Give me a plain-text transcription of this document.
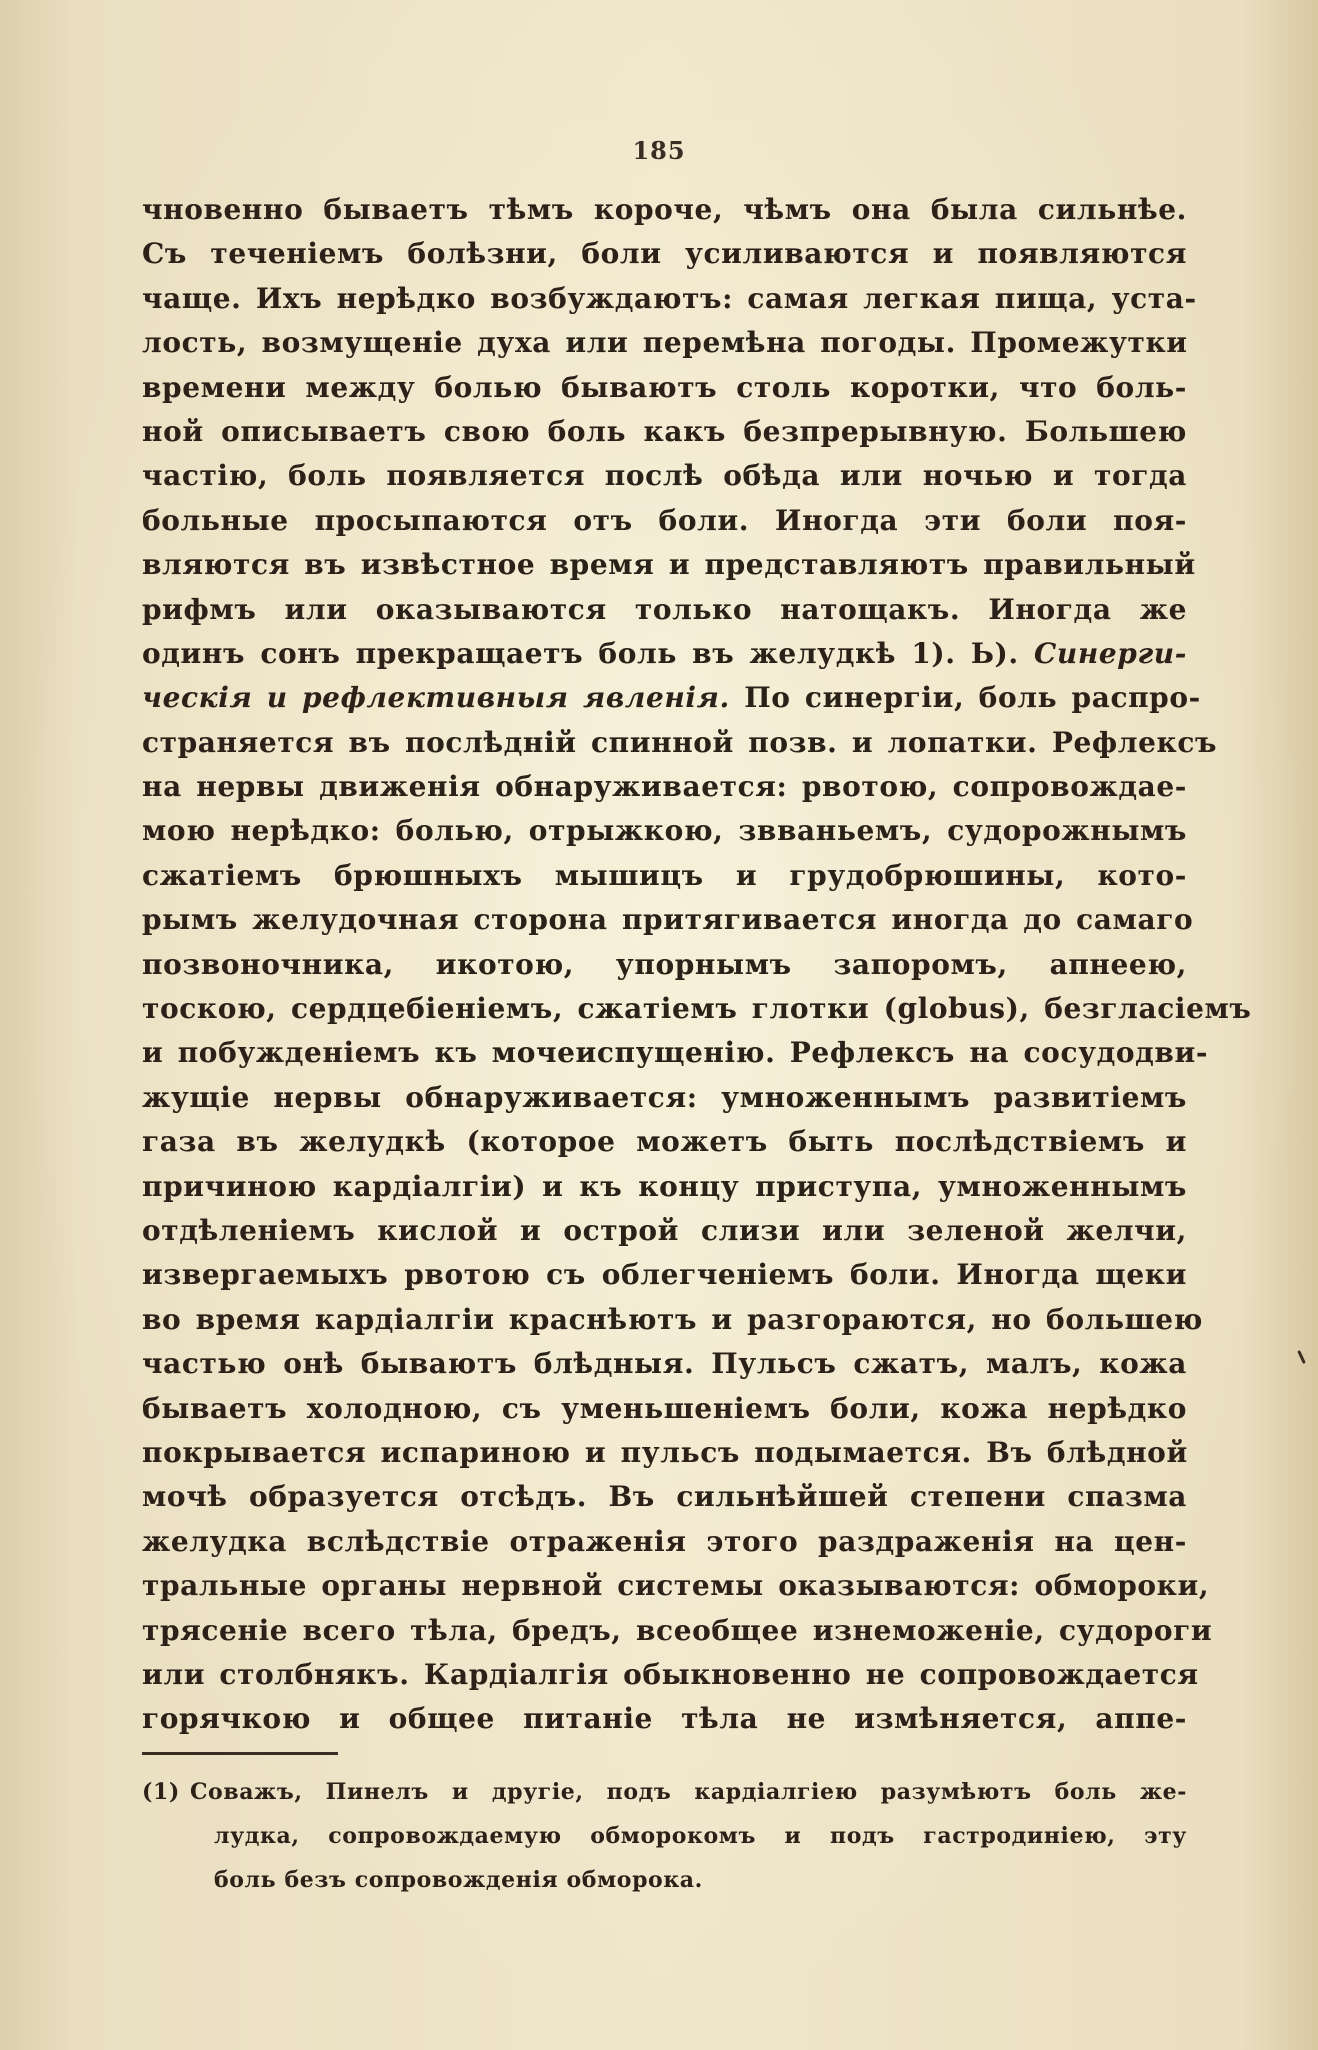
185
чновенно бываетъ тѣмъ короче, чѣмъ она была сильнѣе.
Съ теченіемъ болѣзни, боли усиливаются и появляются
чаще. Ихъ нерѣдко возбуждаютъ: самая легкая пища, уста-
лость, возмущеніе духа или перемѣна погоды. Промежутки
времени между болью бываютъ столь коротки, что боль-
ной описываетъ свою боль какъ безпрерывную. Большею
частію, боль появляется послѣ обѣда или ночью и тогда
больные просыпаются отъ боли. Иногда эти боли поя-
вляются въ извѣстное время и представляютъ правильный
рифмъ или оказываются только натощакъ. Иногда же
одинъ сонъ прекращаетъ боль въ желудкѣ 1). Ь). Синерги-
ческія и рефлективныя явленія. По синергіи, боль распро-
страняется въ послѣдній спинной позв. и лопатки. Рефлексъ
на нервы движенія обнаруживается: рвотою, сопровождае-
мою нерѣдко: болью, отрыжкою, звваньемъ, судорожнымъ
сжатіемъ брюшныхъ мышицъ и грудобрюшины, кото-
рымъ желудочная сторона притягивается иногда до самаго
позвоночника, икотою, упорнымъ запоромъ, апнеею,
тоскою, сердцебіеніемъ, сжатіемъ глотки (globus), безгласіемъ
и побужденіемъ къ мочеиспущенію. Рефлексъ на сосудодви-
жущіе нервы обнаруживается: умноженнымъ развитіемъ
газа въ желудкѣ (которое можетъ быть послѣдствіемъ и
причиною кардіалгіи) и къ концу приступа, умноженнымъ
отдѣленіемъ кислой и острой слизи или зеленой желчи,
извергаемыхъ рвотою съ облегченіемъ боли. Иногда щеки
во время кардіалгіи краснѣютъ и разгораются, но большею
частью онѣ бываютъ блѣдныя. Пульсъ сжатъ, малъ, кожа
бываетъ холодною, съ уменьшеніемъ боли, кожа нерѣдко
покрывается испариною и пульсъ подымается. Въ блѣдной
мочѣ образуется отсѣдъ. Въ сильнѣйшей степени спазма
желудка вслѣдствіе отраженія этого раздраженія на цен-
тральные органы нервной системы оказываются: обмороки,
трясеніе всего тѣла, бредъ, всеобщее изнеможеніе, судороги
или столбнякъ. Кардіалгія обыкновенно не сопровождается
горячкою и общее питаніе тѣла не измѣняется, аппе-
(1) Соважъ, Пинелъ и другіе, подъ кардіалгіею разумѣютъ боль же-
лудка, сопровождаемую обморокомъ и подъ гастродиніею, эту
боль безъ сопровожденія обморока.
